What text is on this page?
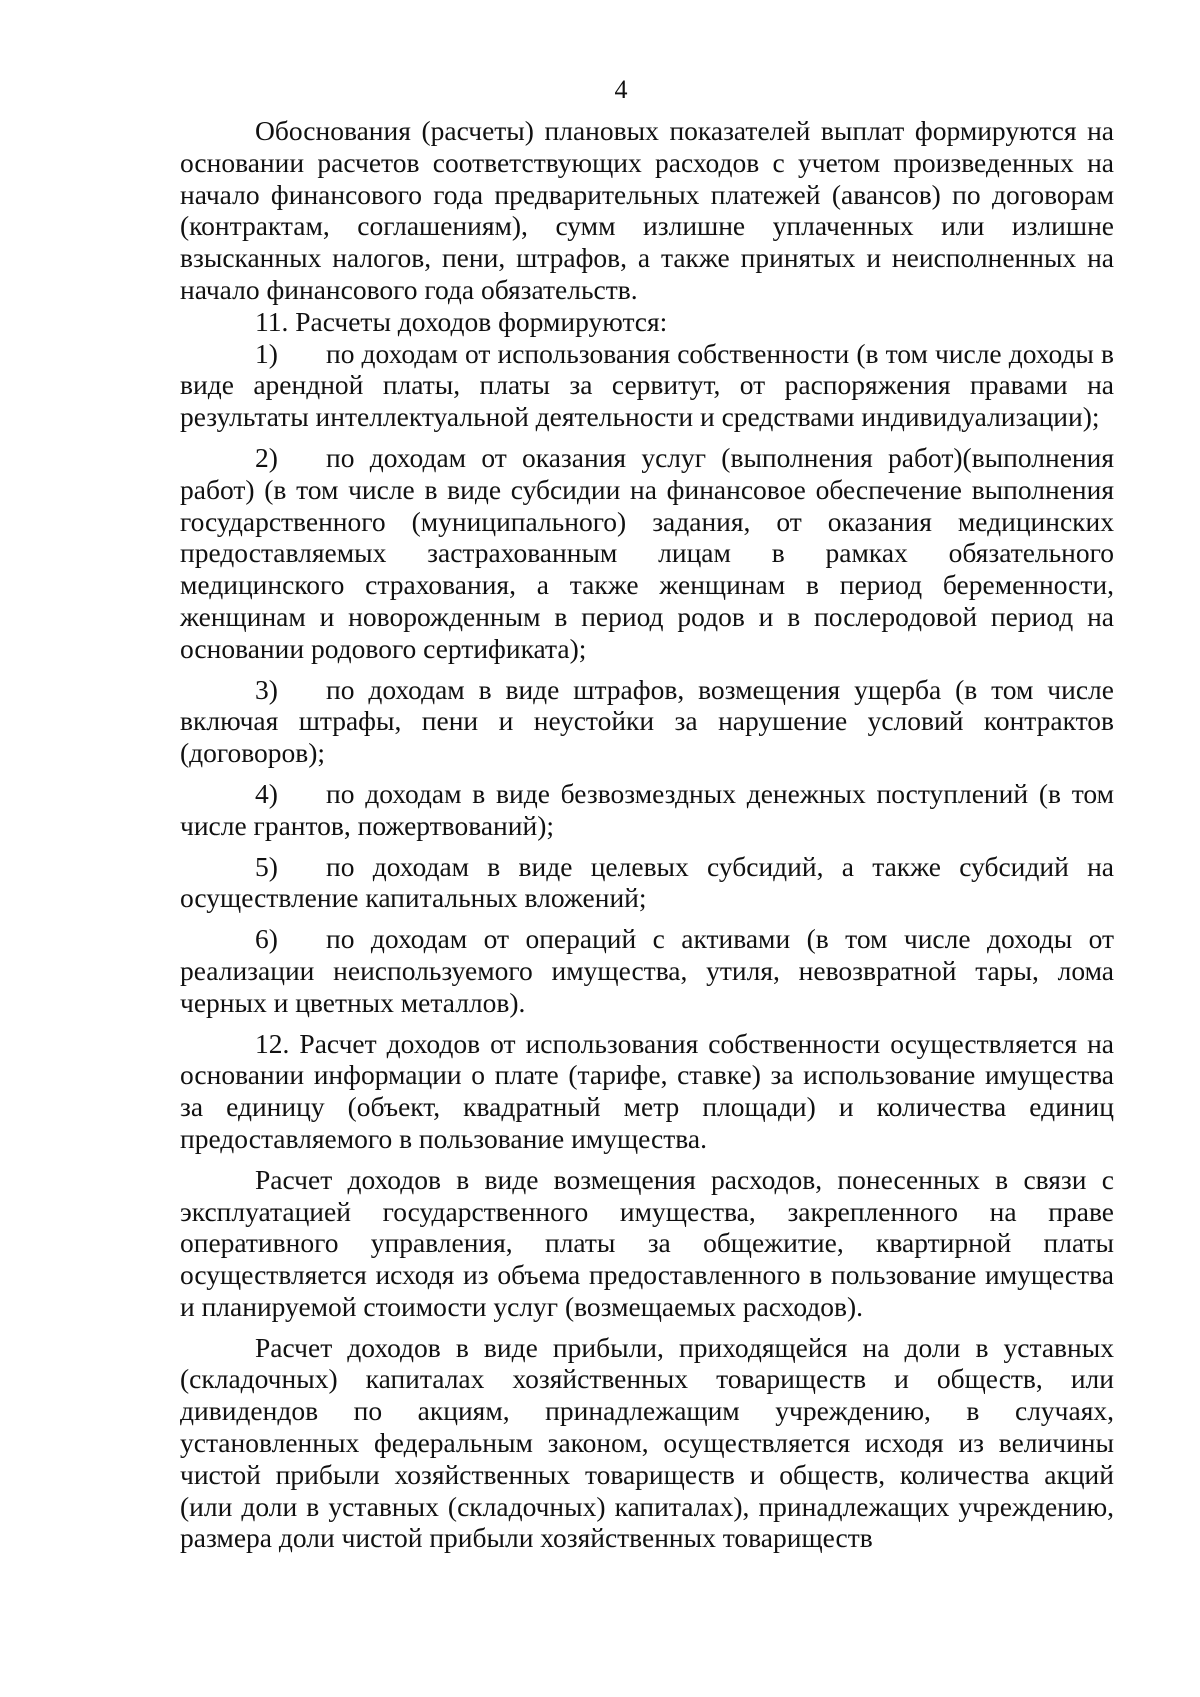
4

Обоснования (расчеты) плановых показателей выплат формируются на основании расчетов соответствующих расходов с учетом произведенных на начало финансового года предварительных платежей (авансов) по договорам (контрактам, соглашениям), сумм излишне уплаченных или излишне взысканных налогов, пени, штрафов, а также принятых и неисполненных на начало финансового года обязательств.

11. Расчеты доходов формируются:

1) по доходам от использования собственности (в том числе доходы в виде арендной платы, платы за сервитут, от распоряжения правами на результаты интеллектуальной деятельности и средствами индивидуализации);

2) по доходам от оказания услуг (выполнения работ)(выполнения работ) (в том числе в виде субсидии на финансовое обеспечение выполнения государственного (муниципального) задания, от оказания медицинских предоставляемых застрахованным лицам в рамках обязательного медицинского страхования, а также женщинам в период беременности, женщинам и новорожденным в период родов и в послеродовой период на основании родового сертификата);

3) по доходам в виде штрафов, возмещения ущерба (в том числе включая штрафы, пени и неустойки за нарушение условий контрактов (договоров);

4) по доходам в виде безвозмездных денежных поступлений (в том числе грантов, пожертвований);

5) по доходам в виде целевых субсидий, а также субсидий на осуществление капитальных вложений;

6) по доходам от операций с активами (в том числе доходы от реализации неиспользуемого имущества, утиля, невозвратной тары, лома черных и цветных металлов).

12. Расчет доходов от использования собственности осуществляется на основании информации о плате (тарифе, ставке) за использование имущества за единицу (объект, квадратный метр площади) и количества единиц предоставляемого в пользование имущества.

Расчет доходов в виде возмещения расходов, понесенных в связи с эксплуатацией государственного имущества, закрепленного на праве оперативного управления, платы за общежитие, квартирной платы осуществляется исходя из объема предоставленного в пользование имущества и планируемой стоимости услуг (возмещаемых расходов).

Расчет доходов в виде прибыли, приходящейся на доли в уставных (складочных) капиталах хозяйственных товариществ и обществ, или дивидендов по акциям, принадлежащим учреждению, в случаях, установленных федеральным законом, осуществляется исходя из величины чистой прибыли хозяйственных товариществ и обществ, количества акций (или доли в уставных (складочных) капиталах), принадлежащих учреждению, размера доли чистой прибыли хозяйственных товариществ
